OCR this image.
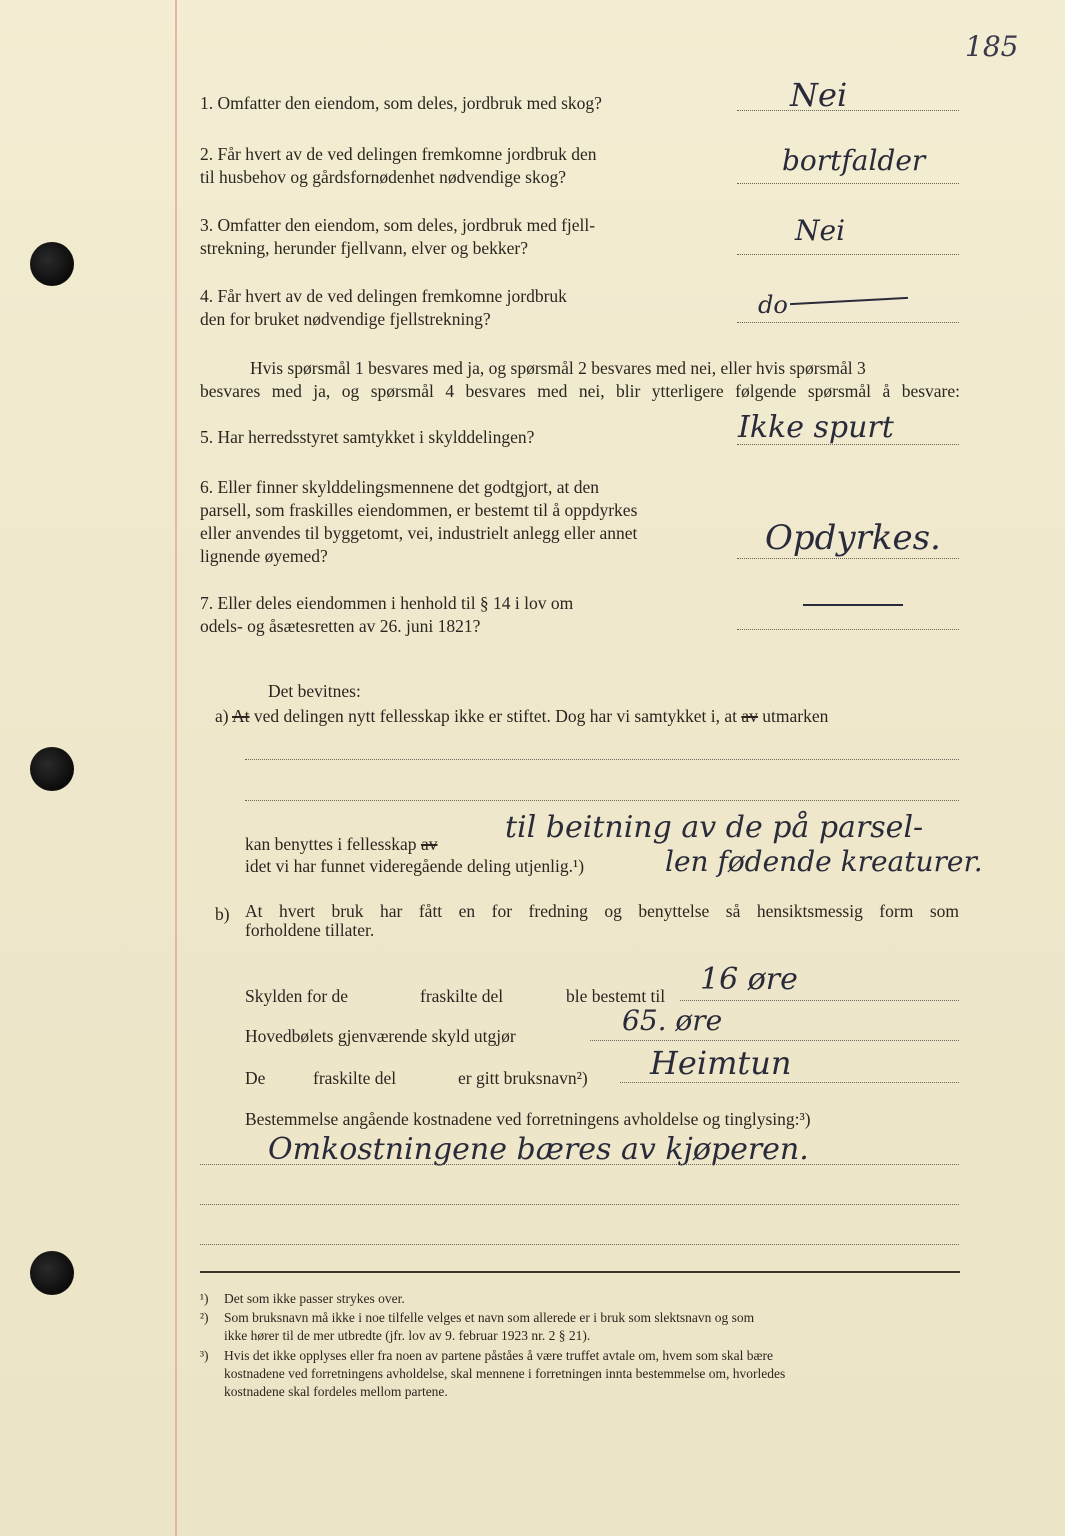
185
1. Omfatter den eiendom, som deles, jordbruk med skog?	Nei
2. Får hvert av de ved delingen fremkomne jordbruk den
til husbehov og gårdsfornødenhet nødvendige skog?	bortfalder
3. Omfatter den eiendom, som deles, jordbruk med fjell-
strekning, herunder fjellvann, elver og bekker?
Nei
4. Får hvert av de ved delingen fremkomne jordbruk
den for bruket nødvendige fjellstrekning?	do
Hvis spørsmål 1 besvares med ja, og spørsmål 2 besvares med nei, eller hvis spørsmål 3
besvares med ja, og spørsmål 4 besvares med nei, blir ytterligere følgende spørsmål å besvare:
5. Har herredsstyret samtykket i skylddelingen?	Ikke spurt
6. Eller finner skylddelingsmennene det godtgjort, at den
parsell, som fraskilles eiendommen, er bestemt til å oppdyrkes
eller anvendes til byggetomt, vei, industrielt anlegg eller annet
lignende øyemed?	Opdyrkes.
7. Eller deles eiendommen i henhold til § 14 i lov om
odels- og åsætesretten av 26. juni 1821?
Det bevitnes:
a) At ved delingen nytt fellesskap ikke er stiftet. Dog har vi samtykket i, at av utmarken
kan benyttes i fellesskap av til beitning av de på parsel-
idet vi har funnet videregående deling utjenlig.¹)	len fødende kreaturer.
b) At hvert bruk har fått en for fredning og benyttelse så hensiktsmessig form som
forholdene tillater.
Skylden for de	fraskilte del	ble bestemt til 16 øre
Hovedbølets gjenværende skyld utgjør	65. øre
De	fraskilte del	er gitt bruksnavn²) Heimtun
Bestemmelse angående kostnadene ved forretningens avholdelse og tinglysing:³)
Omkostningene bæres av kjøperen.
¹) Det som ikke passer strykes over.
²) Som bruksnavn må ikke i noe tilfelle velges et navn som allerede er i bruk som slektsnavn og som
ikke hører til de mer utbredte (jfr. lov av 9. februar 1923 nr. 2 § 21).
³) Hvis det ikke opplyses eller fra noen av partene påståes å være truffet avtale om, hvem som skal bære
kostnadene ved forretningens avholdelse, skal mennene i forretningen innta bestemmelse om, hvorledes
kostnadene skal fordeles mellom partene.
